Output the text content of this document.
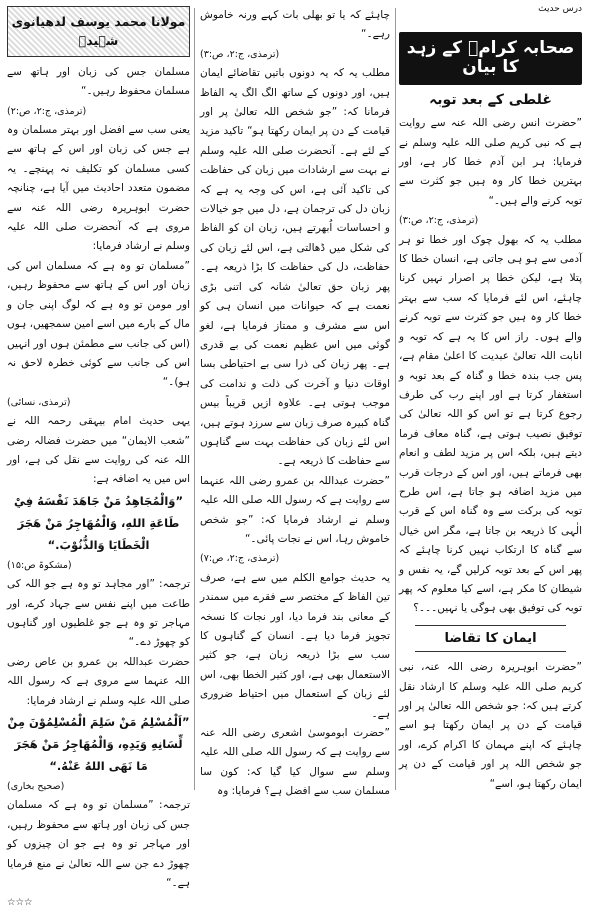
درس حدیث
صحابہ کرامؓ کے زہد کا بیان
غلطی کے بعد توبہ

”حضرت انس رضی اللہ عنہ سے روایت ہے کہ نبی کریم صلی اللہ علیہ وسلم نے فرمایا: ہر ابن آدم خطا کار ہے، اور بہترین خطا کار وہ ہیں جو کثرت سے توبہ کرنے والے ہیں۔“

(ترمذی، ج:۲، ص:۳)

مطلب یہ کہ بھول چوک اور خطا تو ہر آدمی سے ہو ہی جاتی ہے، انسان خطا کا پتلا ہے، لیکن خطا پر اصرار نہیں کرنا چاہئے، اس لئے فرمایا کہ سب سے بہتر خطا کار وہ ہیں جو کثرت سے توبہ کرنے والے ہوں۔ راز اس کا یہ ہے کہ توبہ و انابت اللہ تعالیٰ عبدیت کا اعلیٰ مقام ہے، پس جب بندہ خطا و گناہ کے بعد توبہ و استغفار کرتا ہے اور اپنے رب کی طرف رجوع کرتا ہے تو اس کو اللہ تعالیٰ کی توفیق نصیب ہوتی ہے، گناہ معاف فرما دیتے ہیں، بلکہ اس پر مزید لطف و انعام بھی فرماتے ہیں، اور اس کے درجات قرب میں مزید اضافہ ہو جاتا ہے، اس طرح توبہ کی برکت سے وہ گناہ اس کے قرب الٰہی کا ذریعہ بن جاتا ہے، مگر اس خیال سے گناہ کا ارتکاب نہیں کرنا چاہئے کہ پھر اس کے بعد توبہ کرلیں گے، یہ نفس و شیطان کا مکر ہے، اسے کیا معلوم کہ پھر توبہ کی توفیق بھی ہوگی یا نہیں۔۔۔؟

ایمان کا تقاضا

”حضرت ابوہریرہ رضی اللہ عنہ، نبی کریم صلی اللہ علیہ وسلم کا ارشاد نقل کرتے ہیں کہ: جو شخص اللہ تعالیٰ پر اور قیامت کے دن پر ایمان رکھتا ہو اسے چاہئے کہ اپنے مہمان کا اکرام کرے، اور جو شخص اللہ پر اور قیامت کے دن پر ایمان رکھتا ہو، اسے“

چاہئے کہ یا تو بھلی بات کہے ورنہ خاموش رہے۔“

(ترمذی، ج:۲، ص:۳)

مطلب یہ کہ یہ دونوں باتیں تقاضائے ایمان ہیں، اور دونوں کے ساتھ الگ الگ یہ الفاظ فرمانا کہ: ”جو شخص اللہ تعالیٰ پر اور قیامت کے دن پر ایمان رکھتا ہو“ تاکید مزید کے لئے ہے۔ آنحضرت صلی اللہ علیہ وسلم نے بہت سے ارشادات میں زبان کی حفاظت کی تاکید آئی ہے، اس کی وجہ یہ ہے کہ زبان دل کی ترجمان ہے، دل میں جو خیالات و احساسات اُبھرتے ہیں، زبان ان کو الفاظ کی شکل میں ڈھالتی ہے، اس لئے زبان کی حفاظت، دل کی حفاظت کا بڑا ذریعہ ہے۔ پھر زبان حق تعالیٰ شانہ کی اتنی بڑی نعمت ہے کہ حیوانات میں انسان ہی کو اس سے مشرف و ممتاز فرمایا ہے، لغو گوئی میں اس عظیم نعمت کی بے قدری ہے۔ پھر زبان کی ذرا سی بے احتیاطی بسا اوقات دنیا و آخرت کی ذلت و ندامت کی موجب ہوتی ہے۔ علاوہ ازیں قریباً بیس گناہ کبیرہ صرف زبان سے سرزد ہوتے ہیں، اس لئے زبان کی حفاظت بہت سے گناہوں سے حفاظت کا ذریعہ ہے۔

”حضرت عبداللہ بن عمرو رضی اللہ عنہما سے روایت ہے کہ رسول اللہ صلی اللہ علیہ وسلم نے ارشاد فرمایا کہ: ”جو شخص خاموش رہا، اس نے نجات پائی۔“

(ترمذی، ج:۲، ص:۷)

یہ حدیث جوامع الکلم میں سے ہے، صرف تین الفاظ کے مختصر سے فقرے میں سمندر کے معانی بند فرما دیا، اور نجات کا نسخہ تجویز فرما دیا ہے۔ انسان کے گناہوں کا سب سے بڑا ذریعہ زبان ہے، جو کثیر الاستعمال بھی ہے، اور کثیر الخطا بھی، اس لئے زبان کے استعمال میں احتیاط ضروری ہے۔

”حضرت ابوموسیٰ اشعری رضی اللہ عنہ سے روایت ہے کہ رسول اللہ صلی اللہ علیہ وسلم سے سوال کیا گیا کہ: کون سا مسلمان سب سے افضل ہے؟ فرمایا: وہ

مولانا محمد یوسف لدھیانوی شہیدؒ

مسلمان جس کی زبان اور ہاتھ سے مسلمان محفوظ رہیں۔“

(ترمذی، ج:۲، ص:۲)

یعنی سب سے افضل اور بہتر مسلمان وہ ہے جس کی زبان اور اس کے ہاتھ سے کسی مسلمان کو تکلیف نہ پہنچے۔ یہ مضمون متعدد احادیث میں آیا ہے، چنانچہ حضرت ابوہریرہ رضی اللہ عنہ سے مروی ہے کہ آنحضرت صلی اللہ علیہ وسلم نے ارشاد فرمایا:

”مسلمان تو وہ ہے کہ مسلمان اس کی زبان اور اس کے ہاتھ سے محفوظ رہیں، اور مومن تو وہ ہے کہ لوگ اپنی جان و مال کے بارے میں اسے امین سمجھیں، ہوں (اس کی جانب سے مطمئن ہوں اور انہیں اس کی جانب سے کوئی خطرہ لاحق نہ ہو)۔“

(ترمذی، نسائی)

یہی حدیث امام بیہقی رحمہ اللہ نے ”شعب الایمان“ میں حضرت فضالہ رضی اللہ عنہ کی روایت سے نقل کی ہے، اور اس میں یہ اضافہ ہے:

”وَالْمُجَاهِدُ مَنْ جَاهَدَ نَفْسَهُ فِيْ طَاعَةِ اللهِ، وَالْمُهَاجِرُ مَنْ هَجَرَ الْخَطَايَا وَالذُّنُوْبَ.“

(مشکوۃ ص:۱۵)

ترجمہ: ”اور مجاہد تو وہ ہے جو اللہ کی طاعت میں اپنے نفس سے جہاد کرے، اور مہاجر تو وہ ہے جو غلطیوں اور گناہوں کو چھوڑ دے۔“

حضرت عبداللہ بن عمرو بن عاص رضی اللہ عنہما سے مروی ہے کہ رسول اللہ صلی اللہ علیہ وسلم نے ارشاد فرمایا:

”اَلْمُسْلِمُ مَنْ سَلِمَ الْمُسْلِمُوْنَ مِنْ لِّسَانِهِ وَيَدِهِ، وَالْمُهَاجِرُ مَنْ هَجَرَ مَا نَهَى اللهُ عَنْهُ.“

(صحیح بخاری)

ترجمہ: ”مسلمان تو وہ ہے کہ مسلمان جس کی زبان اور ہاتھ سے محفوظ رہیں، اور مہاجر تو وہ ہے جو ان چیزوں کو چھوڑ دے جن سے اللہ تعالیٰ نے منع فرمایا ہے۔“

☆☆☆
